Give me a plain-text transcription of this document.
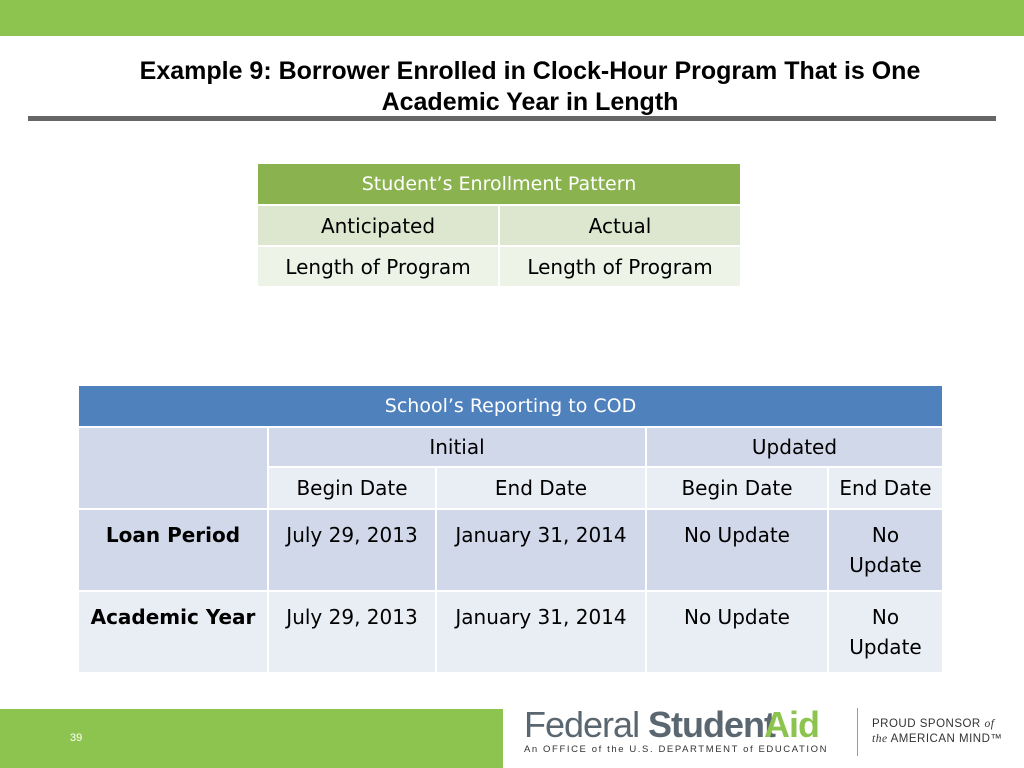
Example 9: Borrower Enrolled in Clock-Hour Program That is One
Academic Year in Length
Student’s Enrollment Pattern	
Anticipated	Actual
Length of Program	Length of Program
School’s Reporting to COD				
	Initial		Updated	
	Begin Date	End Date	Begin Date	End Date
Loan Period	July 29, 2013	January 31, 2014	No Update	No Update
Academic Year	July 29, 2013	January 31, 2014	No Update	No Update
39	Federal Student
Aid
An OFFICE of the U.S. DEPARTMENT of EDUCATION
PROUD SPONSOR of
the AMERICAN MIND™
